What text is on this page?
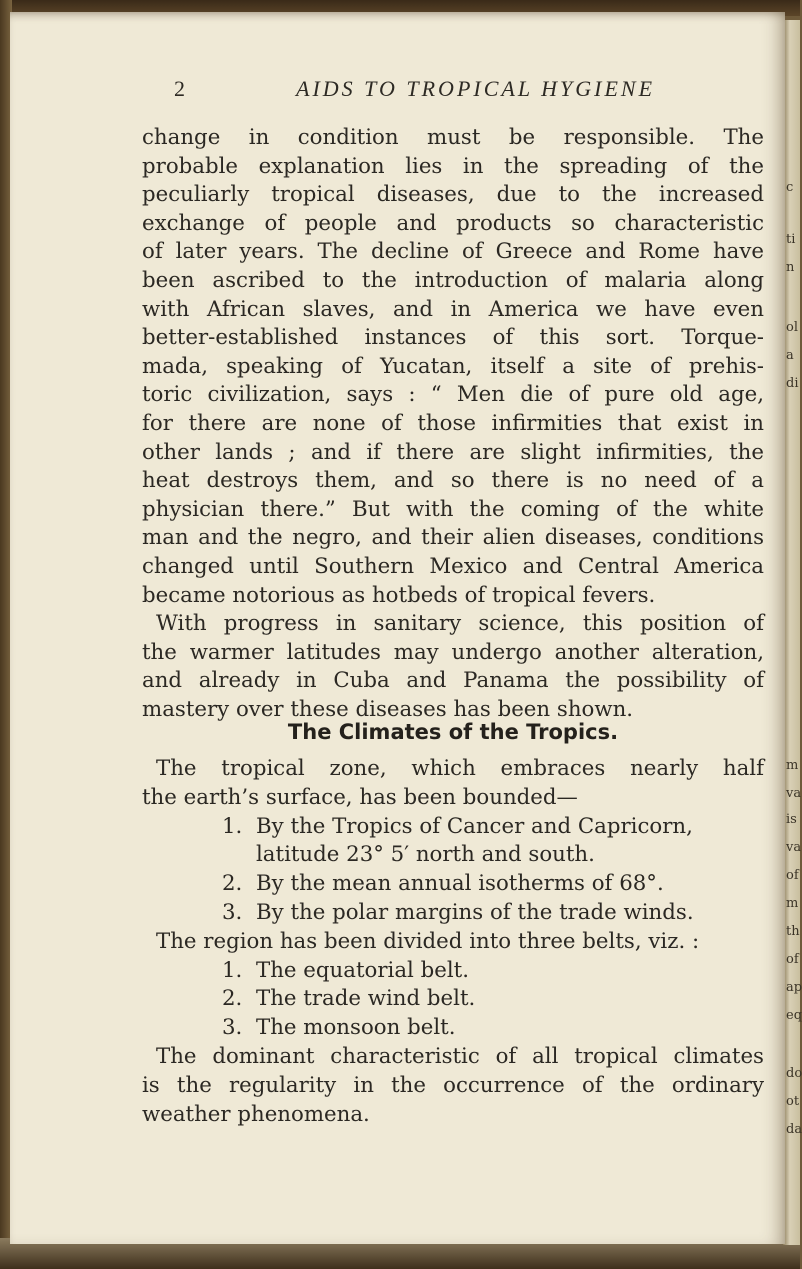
c
ti
n
ol
a
di
m
va
is
va
of
m
th
of
ap
eq
do
ot
da
2	AIDS TO TROPICAL HYGIENE
change in condition must be responsible. The
probable explanation lies in the spreading of the
peculiarly tropical diseases, due to the increased
exchange of people and products so characteristic
of later years. The decline of Greece and Rome have
been ascribed to the introduction of malaria along
with African slaves, and in America we have even
better-established instances of this sort. Torque-
mada, speaking of Yucatan, itself a site of prehis-
toric civilization, says : “ Men die of pure old age,
for there are none of those infirmities that exist in
other lands ; and if there are slight infirmities, the
heat destroys them, and so there is no need of a
physician there.” But with the coming of the white
man and the negro, and their alien diseases, conditions
changed until Southern Mexico and Central America
became notorious as hotbeds of tropical fevers.
With progress in sanitary science, this position of
the warmer latitudes may undergo another alteration,
and already in Cuba and Panama the possibility of
mastery over these diseases has been shown.
The Climates of the Tropics.
The tropical zone, which embraces nearly half
the earth’s surface, has been bounded—
1. By the Tropics of Cancer and Capricorn,
latitude 23° 5′ north and south.
2. By the mean annual isotherms of 68°.
3. By the polar margins of the trade winds.
The region has been divided into three belts, viz. :
1. The equatorial belt.
2. The trade wind belt.
3. The monsoon belt.
The dominant characteristic of all tropical climates
is the regularity in the occurrence of the ordinary
weather phenomena.
